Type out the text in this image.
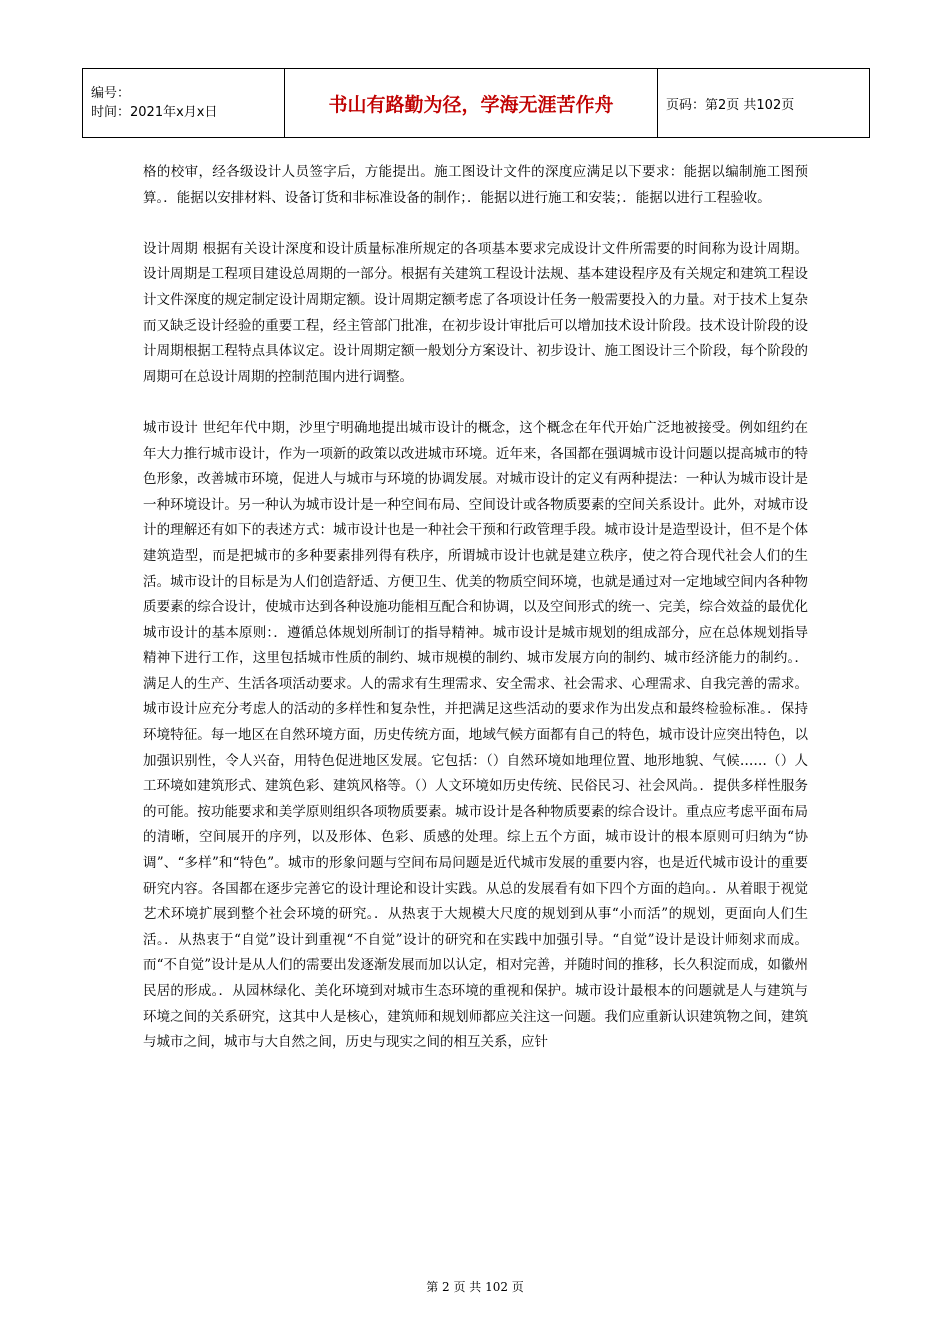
编号：
时间：2021年x月x日	书山有路勤为径，学海无涯苦作舟	页码：第2页 共102页

格的校审，经各级设计人员签字后，方能提出。施工图设计文件的深度应满足以下要求：能据以编制施工图预算。．能据以安排材料、设备订货和非标准设备的制作；．能据以进行施工和安装；．能据以进行工程验收。

设计周期 根据有关设计深度和设计质量标准所规定的各项基本要求完成设计文件所需要的时间称为设计周期。设计周期是工程项目建设总周期的一部分。根据有关建筑工程设计法规、基本建设程序及有关规定和建筑工程设计文件深度的规定制定设计周期定额。设计周期定额考虑了各项设计任务一般需要投入的力量。对于技术上复杂而又缺乏设计经验的重要工程，经主管部门批准，在初步设计审批后可以增加技术设计阶段。技术设计阶段的设计周期根据工程特点具体议定。设计周期定额一般划分方案设计、初步设计、施工图设计三个阶段，每个阶段的周期可在总设计周期的控制范围内进行调整。

城市设计 世纪年代中期，沙里宁明确地提出城市设计的概念，这个概念在年代开始广泛地被接受。例如纽约在年大力推行城市设计，作为一项新的政策以改进城市环境。近年来，各国都在强调城市设计问题以提高城市的特色形象，改善城市环境，促进人与城市与环境的协调发展。对城市设计的定义有两种提法：一种认为城市设计是一种环境设计。另一种认为城市设计是一种空间布局、空间设计或各物质要素的空间关系设计。此外，对城市设计的理解还有如下的表述方式：城市设计也是一种社会干预和行政管理手段。城市设计是造型设计，但不是个体建筑造型，而是把城市的多种要素排列得有秩序，所谓城市设计也就是建立秩序，使之符合现代社会人们的生活。城市设计的目标是为人们创造舒适、方便卫生、优美的物质空间环境，也就是通过对一定地域空间内各种物质要素的综合设计，使城市达到各种设施功能相互配合和协调，以及空间形式的统一、完美，综合效益的最优化城市设计的基本原则：．遵循总体规划所制订的指导精神。城市设计是城市规划的组成部分，应在总体规划指导精神下进行工作，这里包括城市性质的制约、城市规模的制约、城市发展方向的制约、城市经济能力的制约。．满足人的生产、生活各项活动要求。人的需求有生理需求、安全需求、社会需求、心理需求、自我完善的需求。城市设计应充分考虑人的活动的多样性和复杂性，并把满足这些活动的要求作为出发点和最终检验标准。．保持环境特征。每一地区在自然环境方面，历史传统方面，地域气候方面都有自己的特色，城市设计应突出特色，以加强识别性，令人兴奋，用特色促进地区发展。它包括：（）自然环境如地理位置、地形地貌、气候……（）人工环境如建筑形式、建筑色彩、建筑风格等。（）人文环境如历史传统、民俗民习、社会风尚。．提供多样性服务的可能。按功能要求和美学原则组织各项物质要素。城市设计是各种物质要素的综合设计。重点应考虑平面布局的清晰，空间展开的序列，以及形体、色彩、质感的处理。综上五个方面，城市设计的根本原则可归纳为“协调”、“多样”和“特色”。城市的形象问题与空间布局问题是近代城市发展的重要内容，也是近代城市设计的重要研究内容。各国都在逐步完善它的设计理论和设计实践。从总的发展看有如下四个方面的趋向。．从着眼于视觉艺术环境扩展到整个社会环境的研究。．从热衷于大规模大尺度的规划到从事“小而活”的规划，更面向人们生活。．从热衷于“自觉”设计到重视“不自觉”设计的研究和在实践中加强引导。“自觉”设计是设计师刻求而成。而“不自觉”设计是从人们的需要出发逐渐发展而加以认定，相对完善，并随时间的推移，长久积淀而成，如徽州民居的形成。．从园林绿化、美化环境到对城市生态环境的重视和保护。城市设计最根本的问题就是人与建筑与环境之间的关系研究，这其中人是核心，建筑师和规划师都应关注这一问题。我们应重新认识建筑物之间，建筑与城市之间，城市与大自然之间，历史与现实之间的相互关系，应针

第 2 页 共 102 页
